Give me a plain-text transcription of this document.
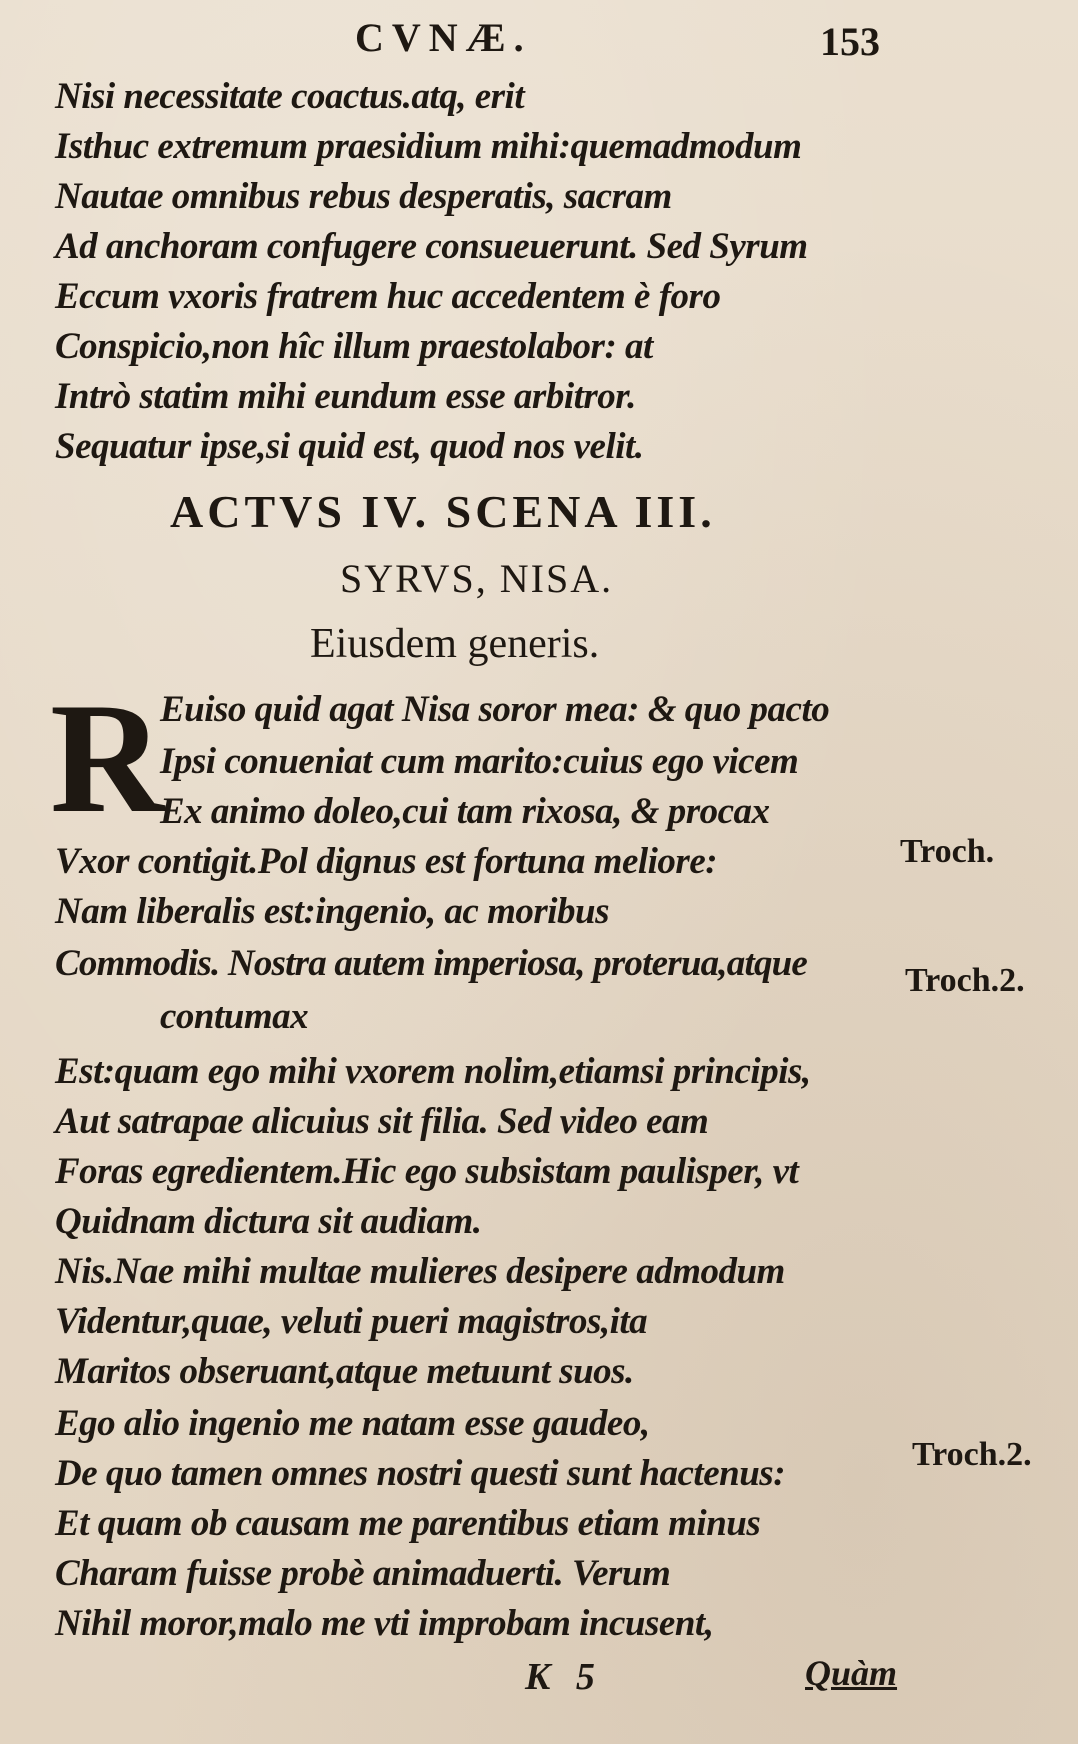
CVNÆ.	153
Nisi necessitate coactus.atq, erit
Isthuc extremum praesidium mihi:quemadmodum
Nautae omnibus rebus desperatis, sacram
Ad anchoram confugere consueuerunt. Sed Syrum
Eccum vxoris fratrem huc accedentem è foro
Conspicio,non hîc illum praestolabor: at
Intrò statim mihi eundum esse arbitror.
Sequatur ipse,si quid est, quod nos velit.
ACTVS IV. SCENA III.
SYRVS, NISA.
Eiusdem generis.
R
Euiso quid agat Nisa soror mea: & quo pacto
Ipsi conueniat cum marito:cuius ego vicem
Ex animo doleo,cui tam rixosa, & procax
Vxor contigit.Pol dignus est fortuna meliore:
Nam liberalis est:ingenio, ac moribus
Commodis. Nostra autem imperiosa, proterua,atque
contumax
Est:quam ego mihi vxorem nolim,etiamsi principis,
Aut satrapae alicuius sit filia. Sed video eam
Foras egredientem.Hic ego subsistam paulisper, vt
Quidnam dictura sit audiam.
Nis.Nae mihi multae mulieres desipere admodum
Videntur,quae, veluti pueri magistros,ita
Maritos obseruant,atque metuunt suos.
Ego alio ingenio me natam esse gaudeo,
De quo tamen omnes nostri questi sunt hactenus:
Et quam ob causam me parentibus etiam minus
Charam fuisse probè animaduerti. Verum
Nihil moror,malo me vti improbam incusent,
Troch.
Troch.2.
Troch.2.
K 5	Quàm
